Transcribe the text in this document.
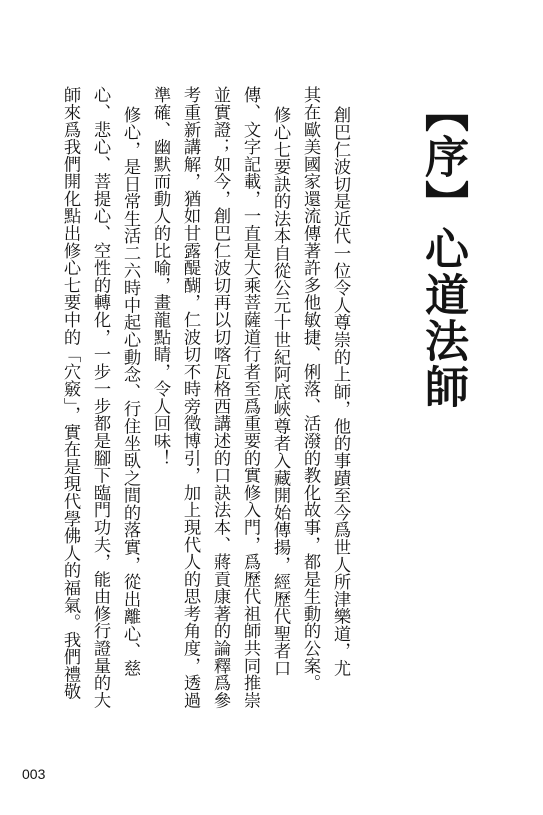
【序】心道法師
創巴仁波切是近代一位令人尊崇的上師，他的事蹟至今爲世人所津樂道，尤
其在歐美國家還流傳著許多他敏捷、俐落、活潑的教化故事，都是生動的公案。
修心七要訣的法本自從公元十世紀阿底峽尊者入藏開始傳揚，經歷代聖者口
傳、文字記載，一直是大乘菩薩道行者至爲重要的實修入門，爲歷代祖師共同推崇
並實證；如今，創巴仁波切再以切喀瓦格西講述的口訣法本、蔣貢康著的論釋爲參
考重新講解，猶如甘露醍醐，仁波切不時旁徵博引，加上現代人的思考角度，透過
準確、幽默而動人的比喻，畫龍點睛，令人回味！
修心，是日常生活二六時中起心動念、行住坐臥之間的落實，從出離心、慈
心、悲心、菩提心、空性的轉化，一步一步都是腳下臨門功夫，能由修行證量的大
師來爲我們開化點出修心七要中的「穴竅」，實在是現代學佛人的福氣。我們禮敬
003
